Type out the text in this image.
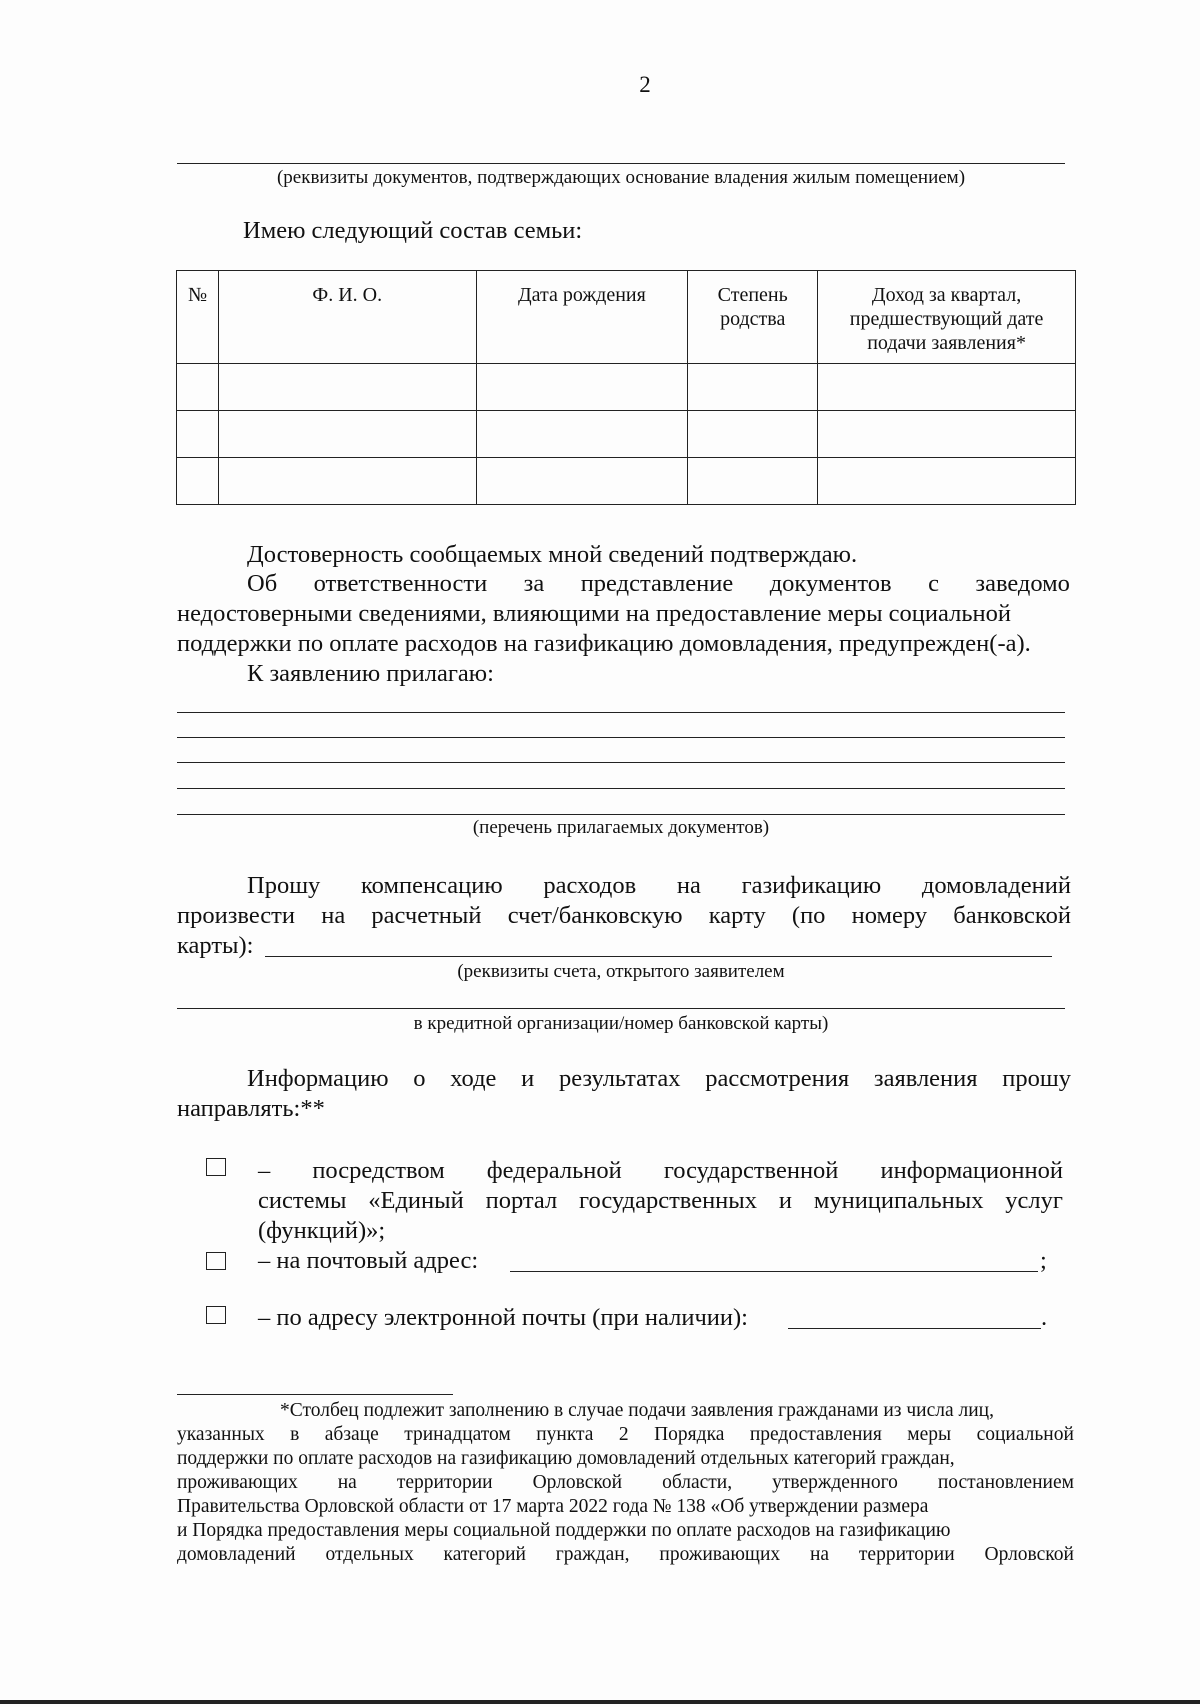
2
(реквизиты документов, подтверждающих основание владения жилым помещением)
Имею следующий состав семьи:
№	Ф. И. О.	Дата рождения	Степень родства	Доход за квартал, предшествующий дате подачи заявления*

Достоверность сообщаемых мной сведений подтверждаю.
Об ответственности за представление документов с заведомо
недостоверными сведениями, влияющими на предоставление меры социальной
поддержки по оплате расходов на газификацию домовладения, предупрежден(-а).
К заявлению прилагаю:
(перечень прилагаемых документов)
Прошу компенсацию расходов на газификацию домовладений
произвести на расчетный счет/банковскую карту (по номеру банковской
карты):
(реквизиты счета, открытого заявителем
в кредитной организации/номер банковской карты)
Информацию о ходе и результатах рассмотрения заявления прошу
направлять:**
– посредством федеральной государственной информационной
системы «Единый портал государственных и муниципальных услуг
(функций)»;
– на почтовый адрес:	;
– по адресу электронной почты (при наличии):	.
*Столбец подлежит заполнению в случае подачи заявления гражданами из числа лиц,
указанных в абзаце тринадцатом пункта 2 Порядка предоставления меры социальной
поддержки по оплате расходов на газификацию домовладений отдельных категорий граждан,
проживающих на территории Орловской области, утвержденного постановлением
Правительства Орловской области от 17 марта 2022 года № 138 «Об утверждении размера
и Порядка предоставления меры социальной поддержки по оплате расходов на газификацию
домовладений отдельных категорий граждан, проживающих на территории Орловской
